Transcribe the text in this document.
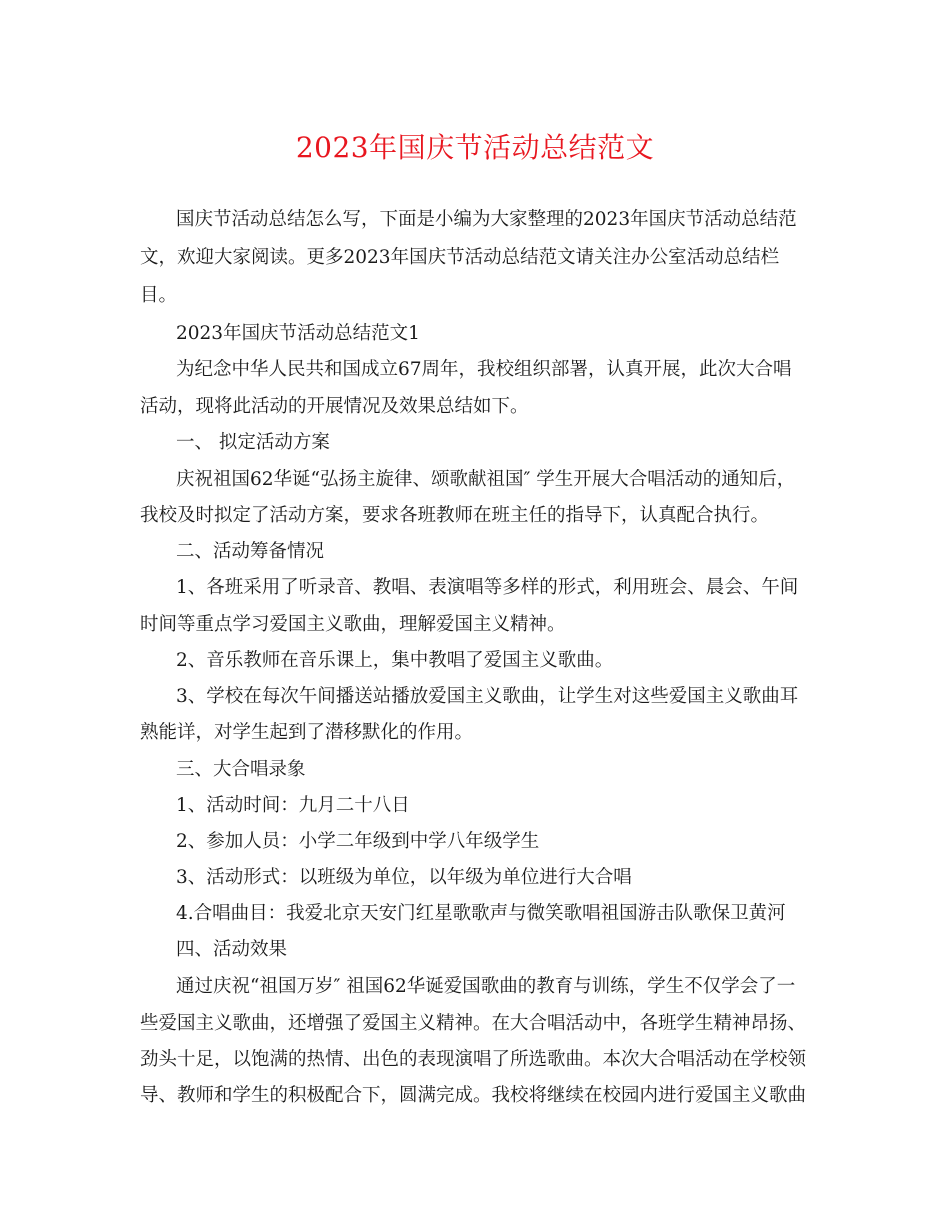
2023年国庆节活动总结范文
国庆节活动总结怎么写，下面是小编为大家整理的2023年国庆节活动总结范
文，欢迎大家阅读。更多2023年国庆节活动总结范文请关注办公室活动总结栏
目。
2023年国庆节活动总结范文1
为纪念中华人民共和国成立67周年，我校组织部署，认真开展，此次大合唱
活动，现将此活动的开展情况及效果总结如下。
一、 拟定活动方案
庆祝祖国62华诞“弘扬主旋律、颂歌献祖国″ 学生开展大合唱活动的通知后，
我校及时拟定了活动方案，要求各班教师在班主任的指导下，认真配合执行。
二、活动筹备情况
1、各班采用了听录音、教唱、表演唱等多样的形式，利用班会、晨会、午间
时间等重点学习爱国主义歌曲，理解爱国主义精神。
2、音乐教师在音乐课上，集中教唱了爱国主义歌曲。
3、学校在每次午间播送站播放爱国主义歌曲，让学生对这些爱国主义歌曲耳
熟能详，对学生起到了潜移默化的作用。
三、大合唱录象
1、活动时间：九月二十八日
2、参加人员：小学二年级到中学八年级学生
3、活动形式：以班级为单位，以年级为单位进行大合唱
4.合唱曲目：我爱北京天安门红星歌歌声与微笑歌唱祖国游击队歌保卫黄河
四、活动效果
通过庆祝“祖国万岁″ 祖国62华诞爱国歌曲的教育与训练，学生不仅学会了一
些爱国主义歌曲，还增强了爱国主义精神。在大合唱活动中，各班学生精神昂扬、
劲头十足，以饱满的热情、出色的表现演唱了所选歌曲。本次大合唱活动在学校领
导、教师和学生的积极配合下，圆满完成。我校将继续在校园内进行爱国主义歌曲
